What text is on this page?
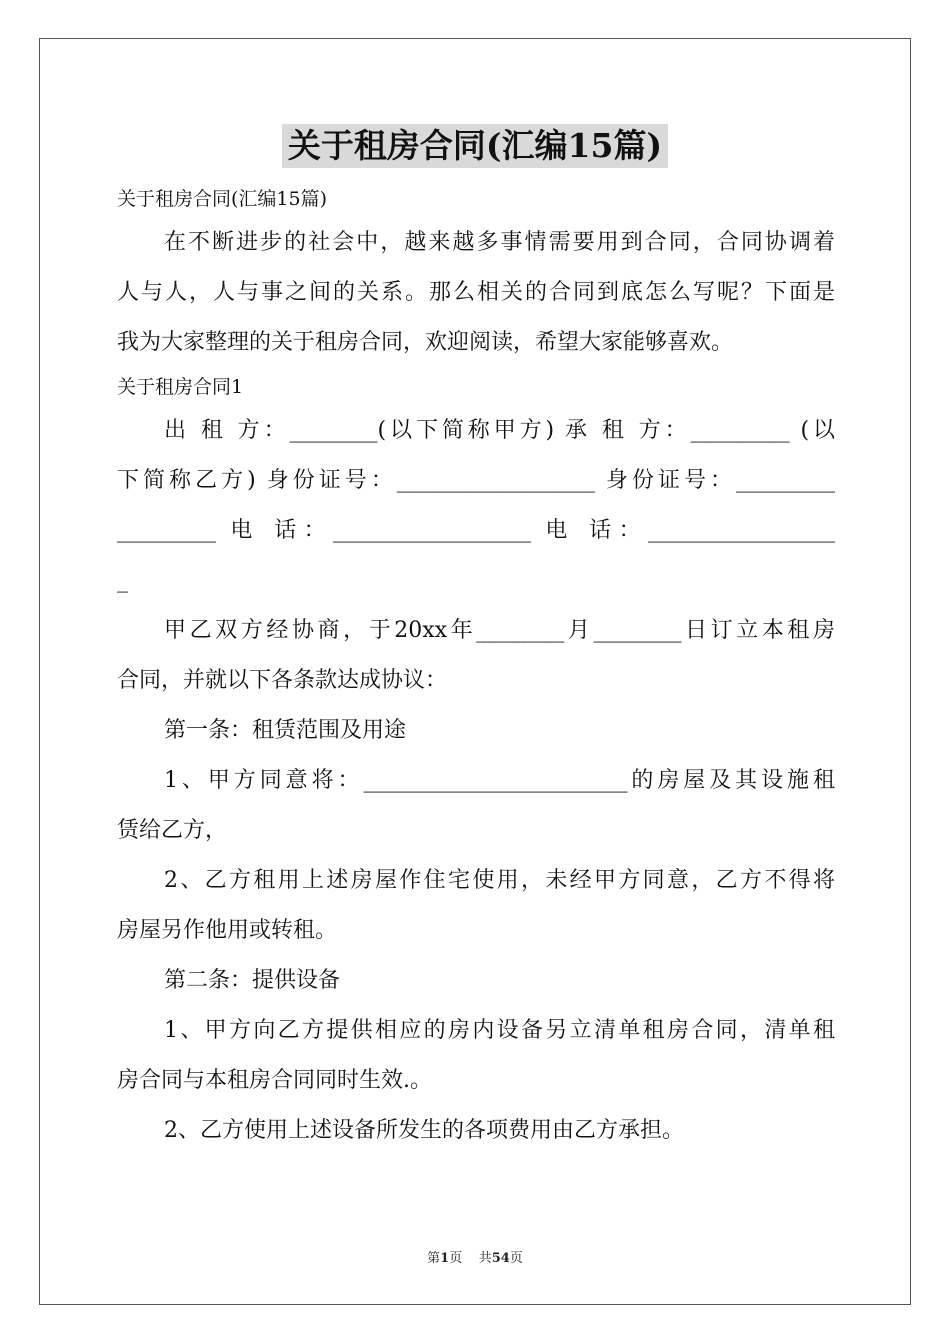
关于租房合同(汇编15篇)
关于租房合同(汇编15篇)
在不断进步的社会中，越来越多事情需要用到合同，合同协调着
人与人，人与事之间的关系。那么相关的合同到底怎么写呢？下面是
我为大家整理的关于租房合同，欢迎阅读，希望大家能够喜欢。
关于租房合同1
出 租 方：________(以下简称甲方) 承 租 方：_________ (以
下简称乙方) 身份证号：__________________ 身份证号：_________
_________ 电 话：__________________ 电 话：_________________
_
甲乙双方经协商，于20xx年________月________日订立本租房
合同，并就以下各条款达成协议：
第一条：租赁范围及用途
1、甲方同意将：________________________的房屋及其设施租
赁给乙方，
2、乙方租用上述房屋作住宅使用，未经甲方同意，乙方不得将
房屋另作他用或转租。
第二条：提供设备
1、甲方向乙方提供相应的房内设备另立清单租房合同，清单租
房合同与本租房合同同时生效.。
2、乙方使用上述设备所发生的各项费用由乙方承担。
第1页 共54页
